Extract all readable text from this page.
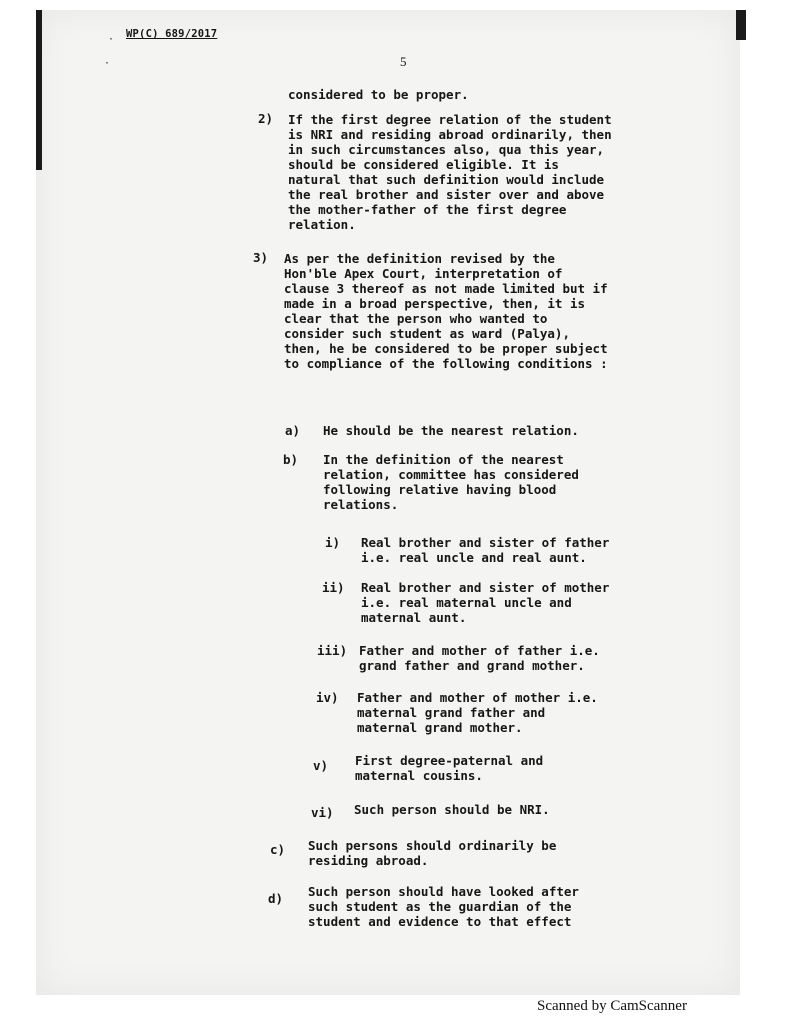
·
·
WP(C) 689/2017
5
considered to be proper.
2) If the first degree relation of the student
is NRI and residing abroad ordinarily, then
in such circumstances also, qua this year,
should be considered eligible. It is
natural that such definition would include
the real brother and sister over and above
the mother-father of the first degree
relation.
3) As per the definition revised by the
Hon'ble Apex Court, interpretation of
clause 3 thereof as not made limited but if
made in a broad perspective, then, it is
clear that the person who wanted to
consider such student as ward (Palya),
then, he be considered to be proper subject
to compliance of the following conditions :
a) He should be the nearest relation.
b) In the definition of the nearest
relation, committee has considered
following relative having blood
relations.
i) Real brother and sister of father
i.e. real uncle and real aunt.
ii) Real brother and sister of mother
i.e. real maternal uncle and
maternal aunt.
iii) Father and mother of father i.e.
grand father and grand mother.
iv) Father and mother of mother i.e.
maternal grand father and
maternal grand mother.
v) First degree-paternal and
maternal cousins.
vi) Such person should be NRI.
c) Such persons should ordinarily be
residing abroad.
d) Such person should have looked after
such student as the guardian of the
student and evidence to that effect
Scanned by CamScanner
